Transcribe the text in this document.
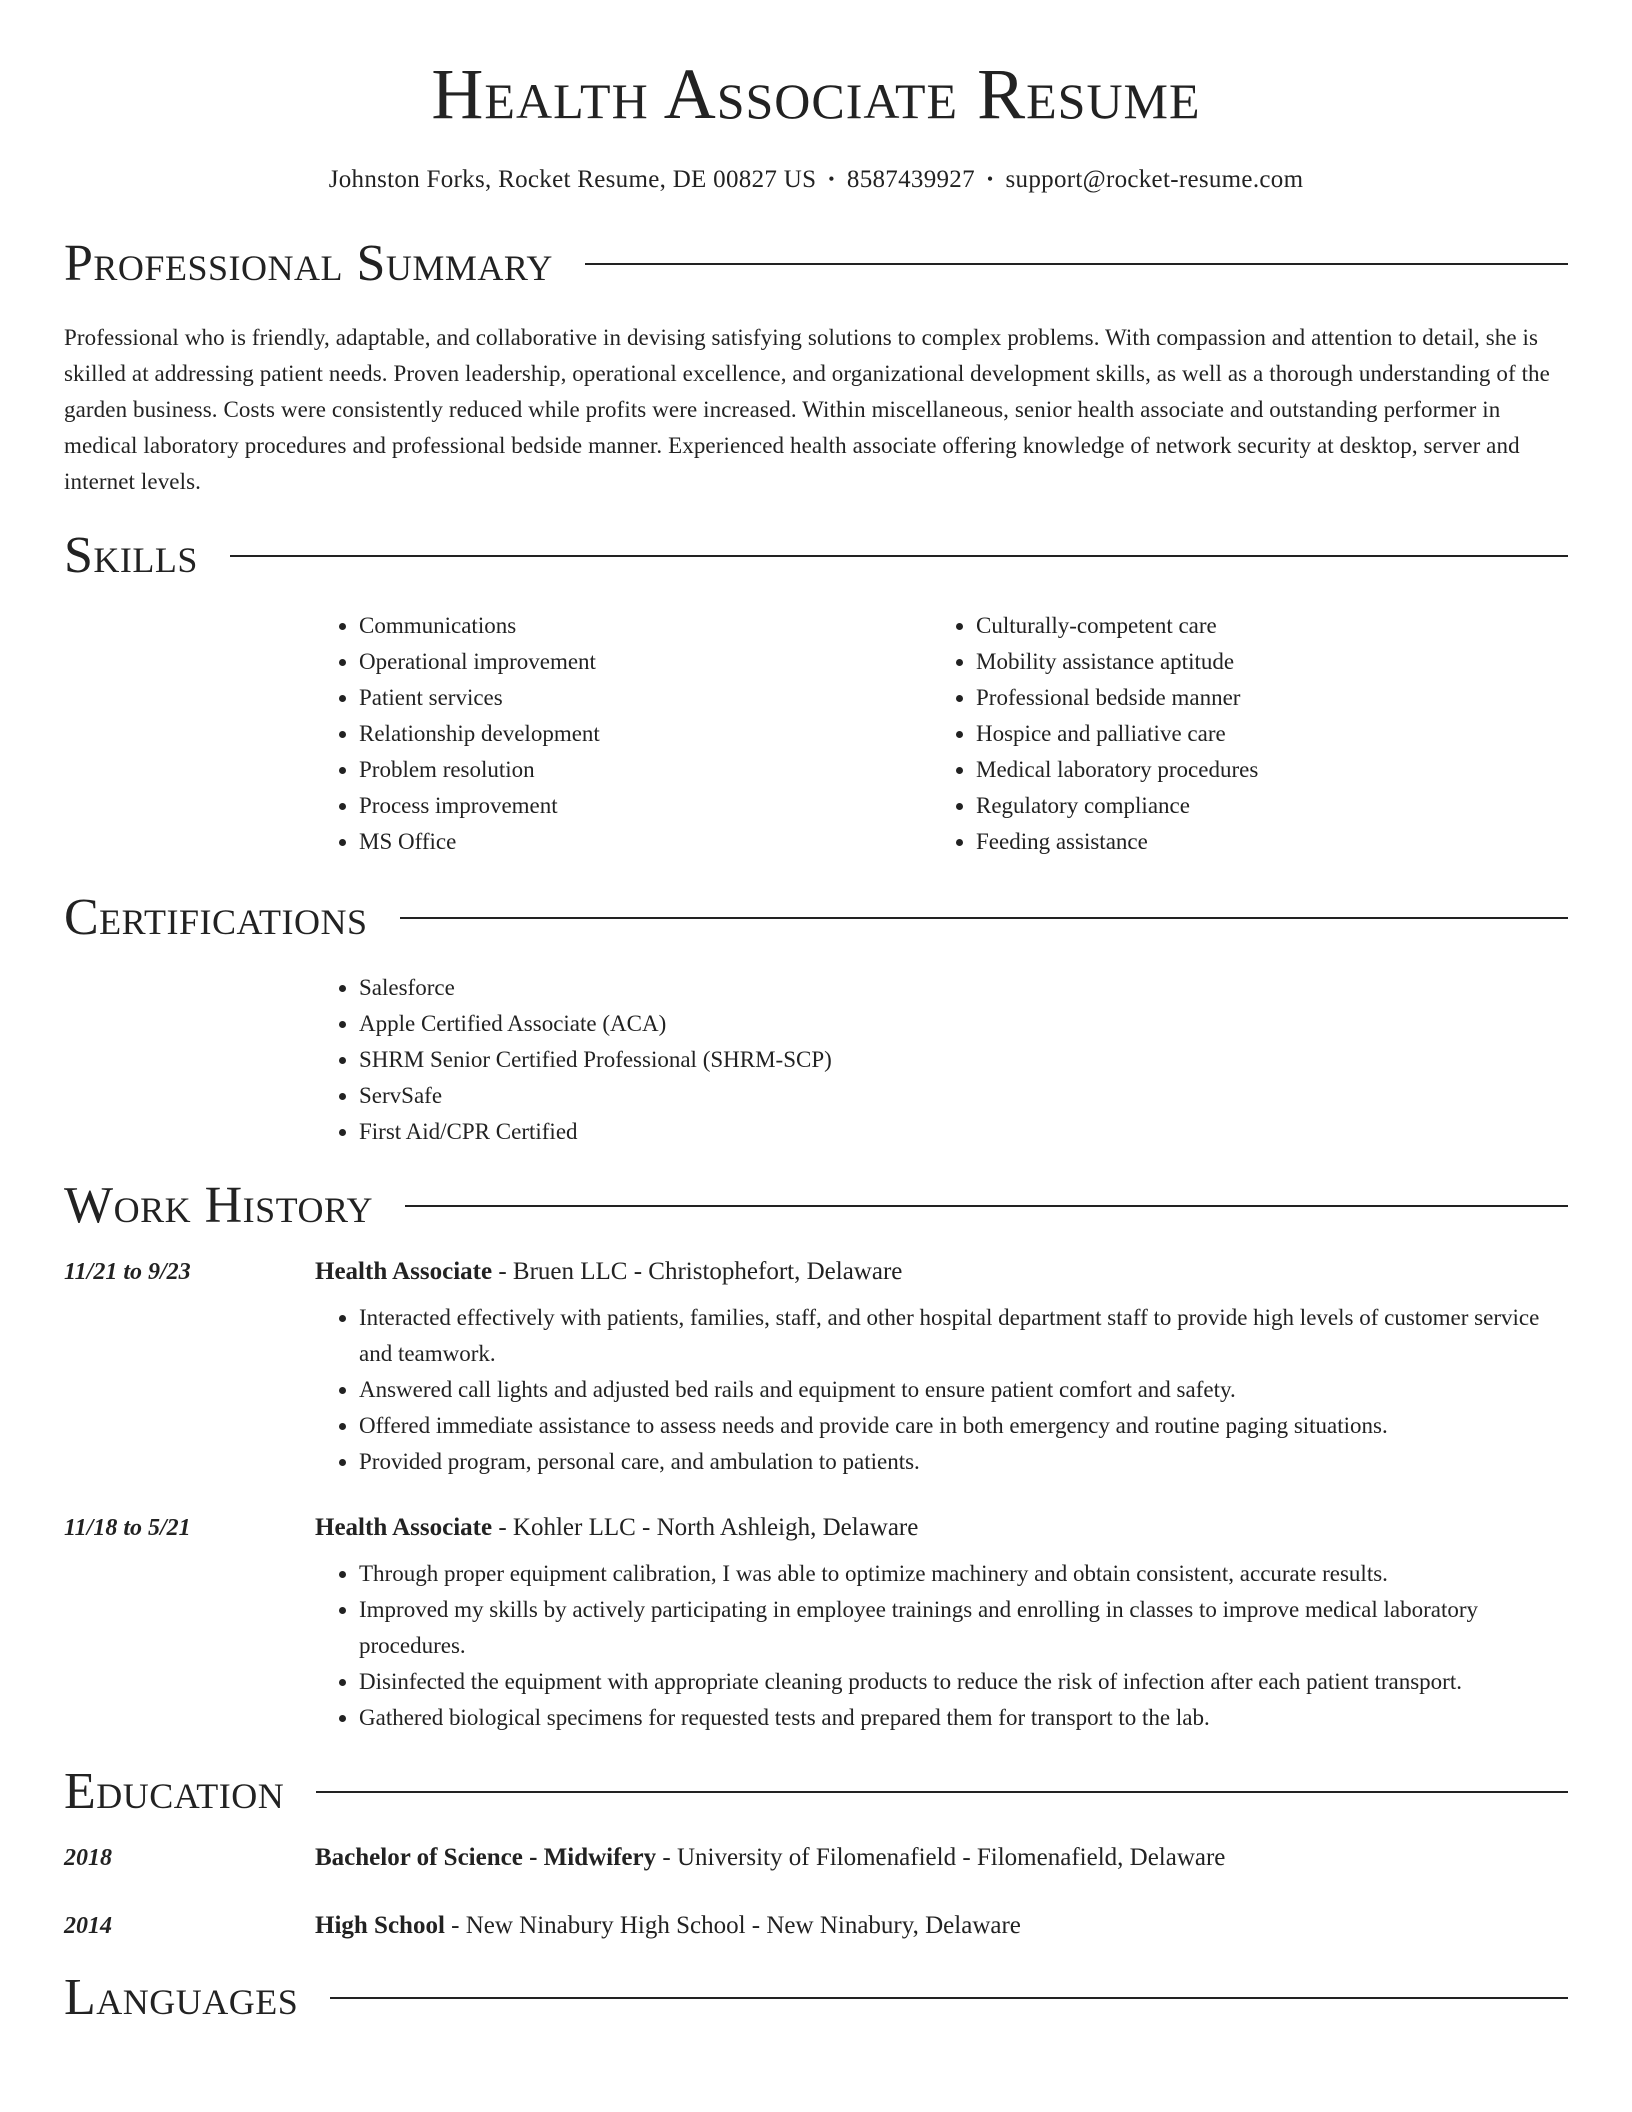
Health Associate Resume
Johnston Forks, Rocket Resume, DE 00827 US • 8587439927 • support@rocket-resume.com
Professional Summary

Professional who is friendly, adaptable, and collaborative in devising satisfying solutions to complex problems. With compassion and attention to detail, she is skilled at addressing patient needs. Proven leadership, operational excellence, and organizational development skills, as well as a thorough understanding of the garden business. Costs were consistently reduced while profits were increased. Within miscellaneous, senior health associate and outstanding performer in medical laboratory procedures and professional bedside manner. Experienced health associate offering knowledge of network security at desktop, server and internet levels.

Skills
• Communications
• Operational improvement
• Patient services
• Relationship development
• Problem resolution
• Process improvement
• MS Office
• Culturally-competent care
• Mobility assistance aptitude
• Professional bedside manner
• Hospice and palliative care
• Medical laboratory procedures
• Regulatory compliance
• Feeding assistance
Certifications
• Salesforce
• Apple Certified Associate (ACA)
• SHRM Senior Certified Professional (SHRM-SCP)
• ServSafe
• First Aid/CPR Certified
Work History
11/21 to 9/23	Health Associate - Bruen LLC - Christophefort, Delaware
• Interacted effectively with patients, families, staff, and other hospital department staff to provide high levels of customer service and teamwork.
• Answered call lights and adjusted bed rails and equipment to ensure patient comfort and safety.
• Offered immediate assistance to assess needs and provide care in both emergency and routine paging situations.
• Provided program, personal care, and ambulation to patients.
11/18 to 5/21	Health Associate - Kohler LLC - North Ashleigh, Delaware
• Through proper equipment calibration, I was able to optimize machinery and obtain consistent, accurate results.
• Improved my skills by actively participating in employee trainings and enrolling in classes to improve medical laboratory procedures.
• Disinfected the equipment with appropriate cleaning products to reduce the risk of infection after each patient transport.
• Gathered biological specimens for requested tests and prepared them for transport to the lab.
Education
2018	Bachelor of Science - Midwifery - University of Filomenafield - Filomenafield, Delaware
2014	High School - New Ninabury High School - New Ninabury, Delaware
Languages
